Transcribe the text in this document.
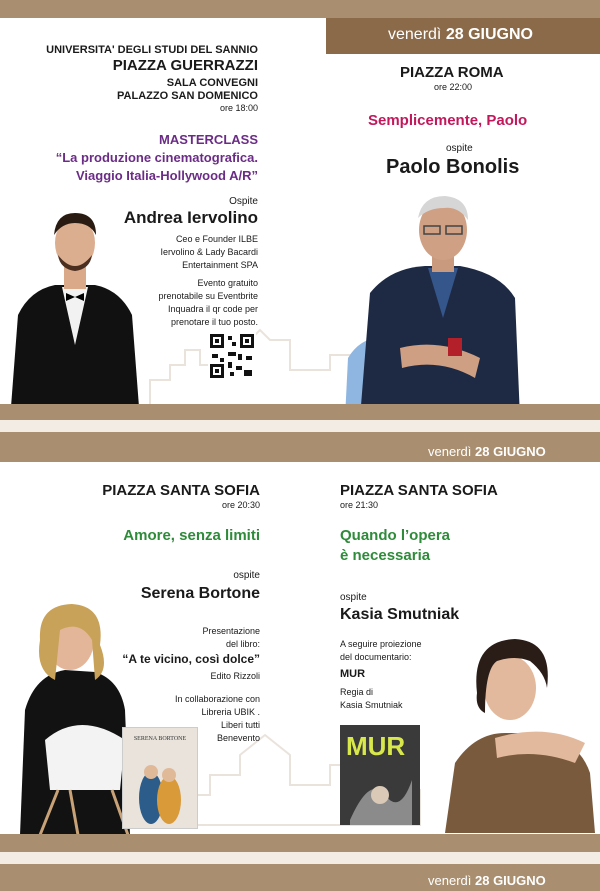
venerdì 28 GIUGNO

UNIVERSITA' DEGLI STUDI DEL SANNIO

PIAZZA GUERRAZZI

SALA CONVEGNI

PALAZZO SAN DOMENICO

ore 18:00

MASTERCLASS

“La produzione cinematografica.

Viaggio Italia-Hollywood A/R”

Ospite

Andrea Iervolino

Ceo e Founder ILBE

Iervolino & Lady Bacardi

Entertainment SPA

Evento gratuito

prenotabile su Eventbrite

Inquadra il qr code per

prenotare il tuo posto.

PIAZZA ROMA

ore 22:00

Semplicemente, Paolo

ospite

Paolo Bonolis

venerdì 28 GIUGNO

PIAZZA SANTA SOFIA

ore 20:30

Amore, senza limiti

ospite

Serena Bortone

Presentazione

del libro:

“A te vicino, così dolce”

Edito Rizzoli

In collaborazione con

Libreria UBIK .

Liberi tutti

Benevento

SERENA BORTONE

PIAZZA SANTA SOFIA

ore 21:30

Quando l’opera

è necessaria

ospite

Kasia Smutniak

A seguire proiezione

del documentario:

MUR

Regia di

Kasia Smutniak

MUR
venerdì 28 GIUGNO
